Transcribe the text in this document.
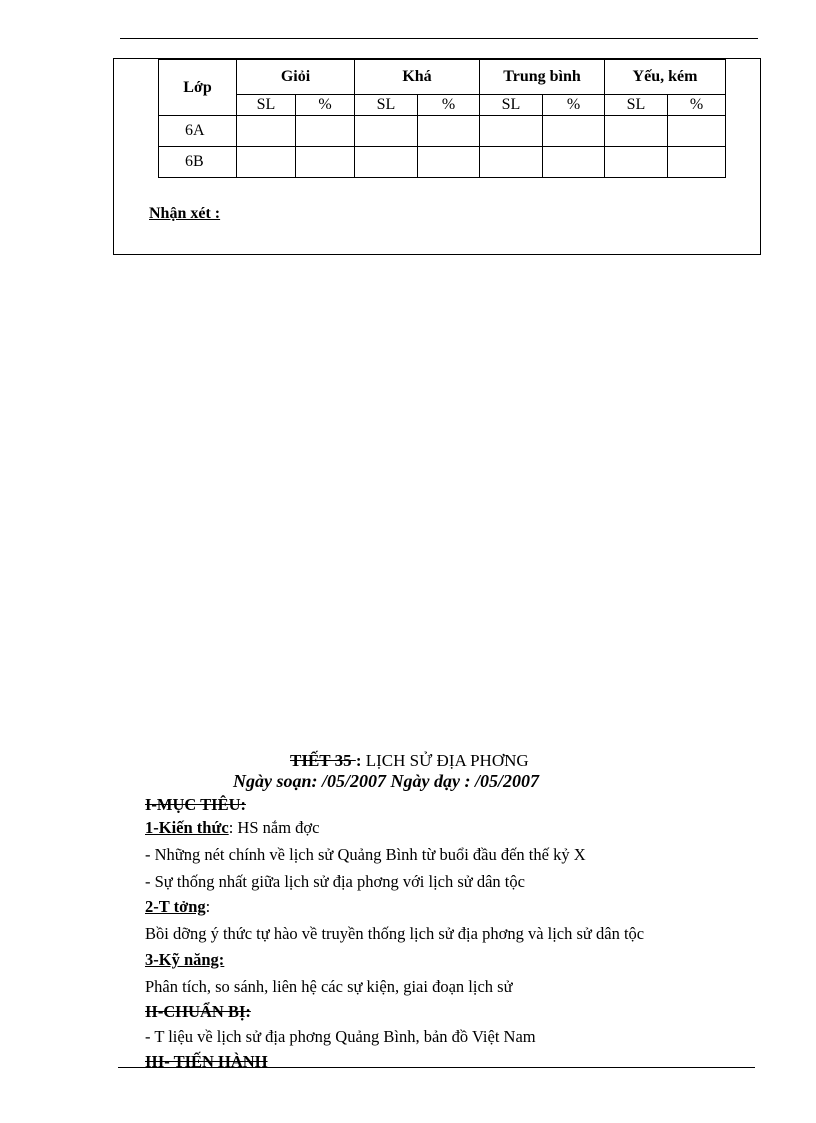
Lớp	Giỏi		Khá		Trung bình		Yếu, kém	
	SL	%	SL	%	SL	%	SL	%
6A								
6B								
Nhận xét :
TIẾT 35 : LỊCH SỬ ĐỊA PHƠNG
Ngày soạn: /05/2007 Ngày dạy : /05/2007
I-MỤC TIÊU:
1-Kiến thức: HS nắm đợc
- Những nét chính về lịch sử Quảng Bình từ buổi đầu đến thế kỷ X
- Sự thống nhất giữa lịch sử địa phơng với lịch sử dân tộc
2-T tởng:
Bồi dỡng ý thức tự hào về truyền thống lịch sử địa phơng và lịch sử dân tộc
3-Kỹ năng:
Phân tích, so sánh, liên hệ các sự kiện, giai đoạn lịch sử
II-CHUẨN BỊ:
- T liệu về lịch sử địa phơng Quảng Bình, bản đồ Việt Nam
III- TIẾN HÀNH
